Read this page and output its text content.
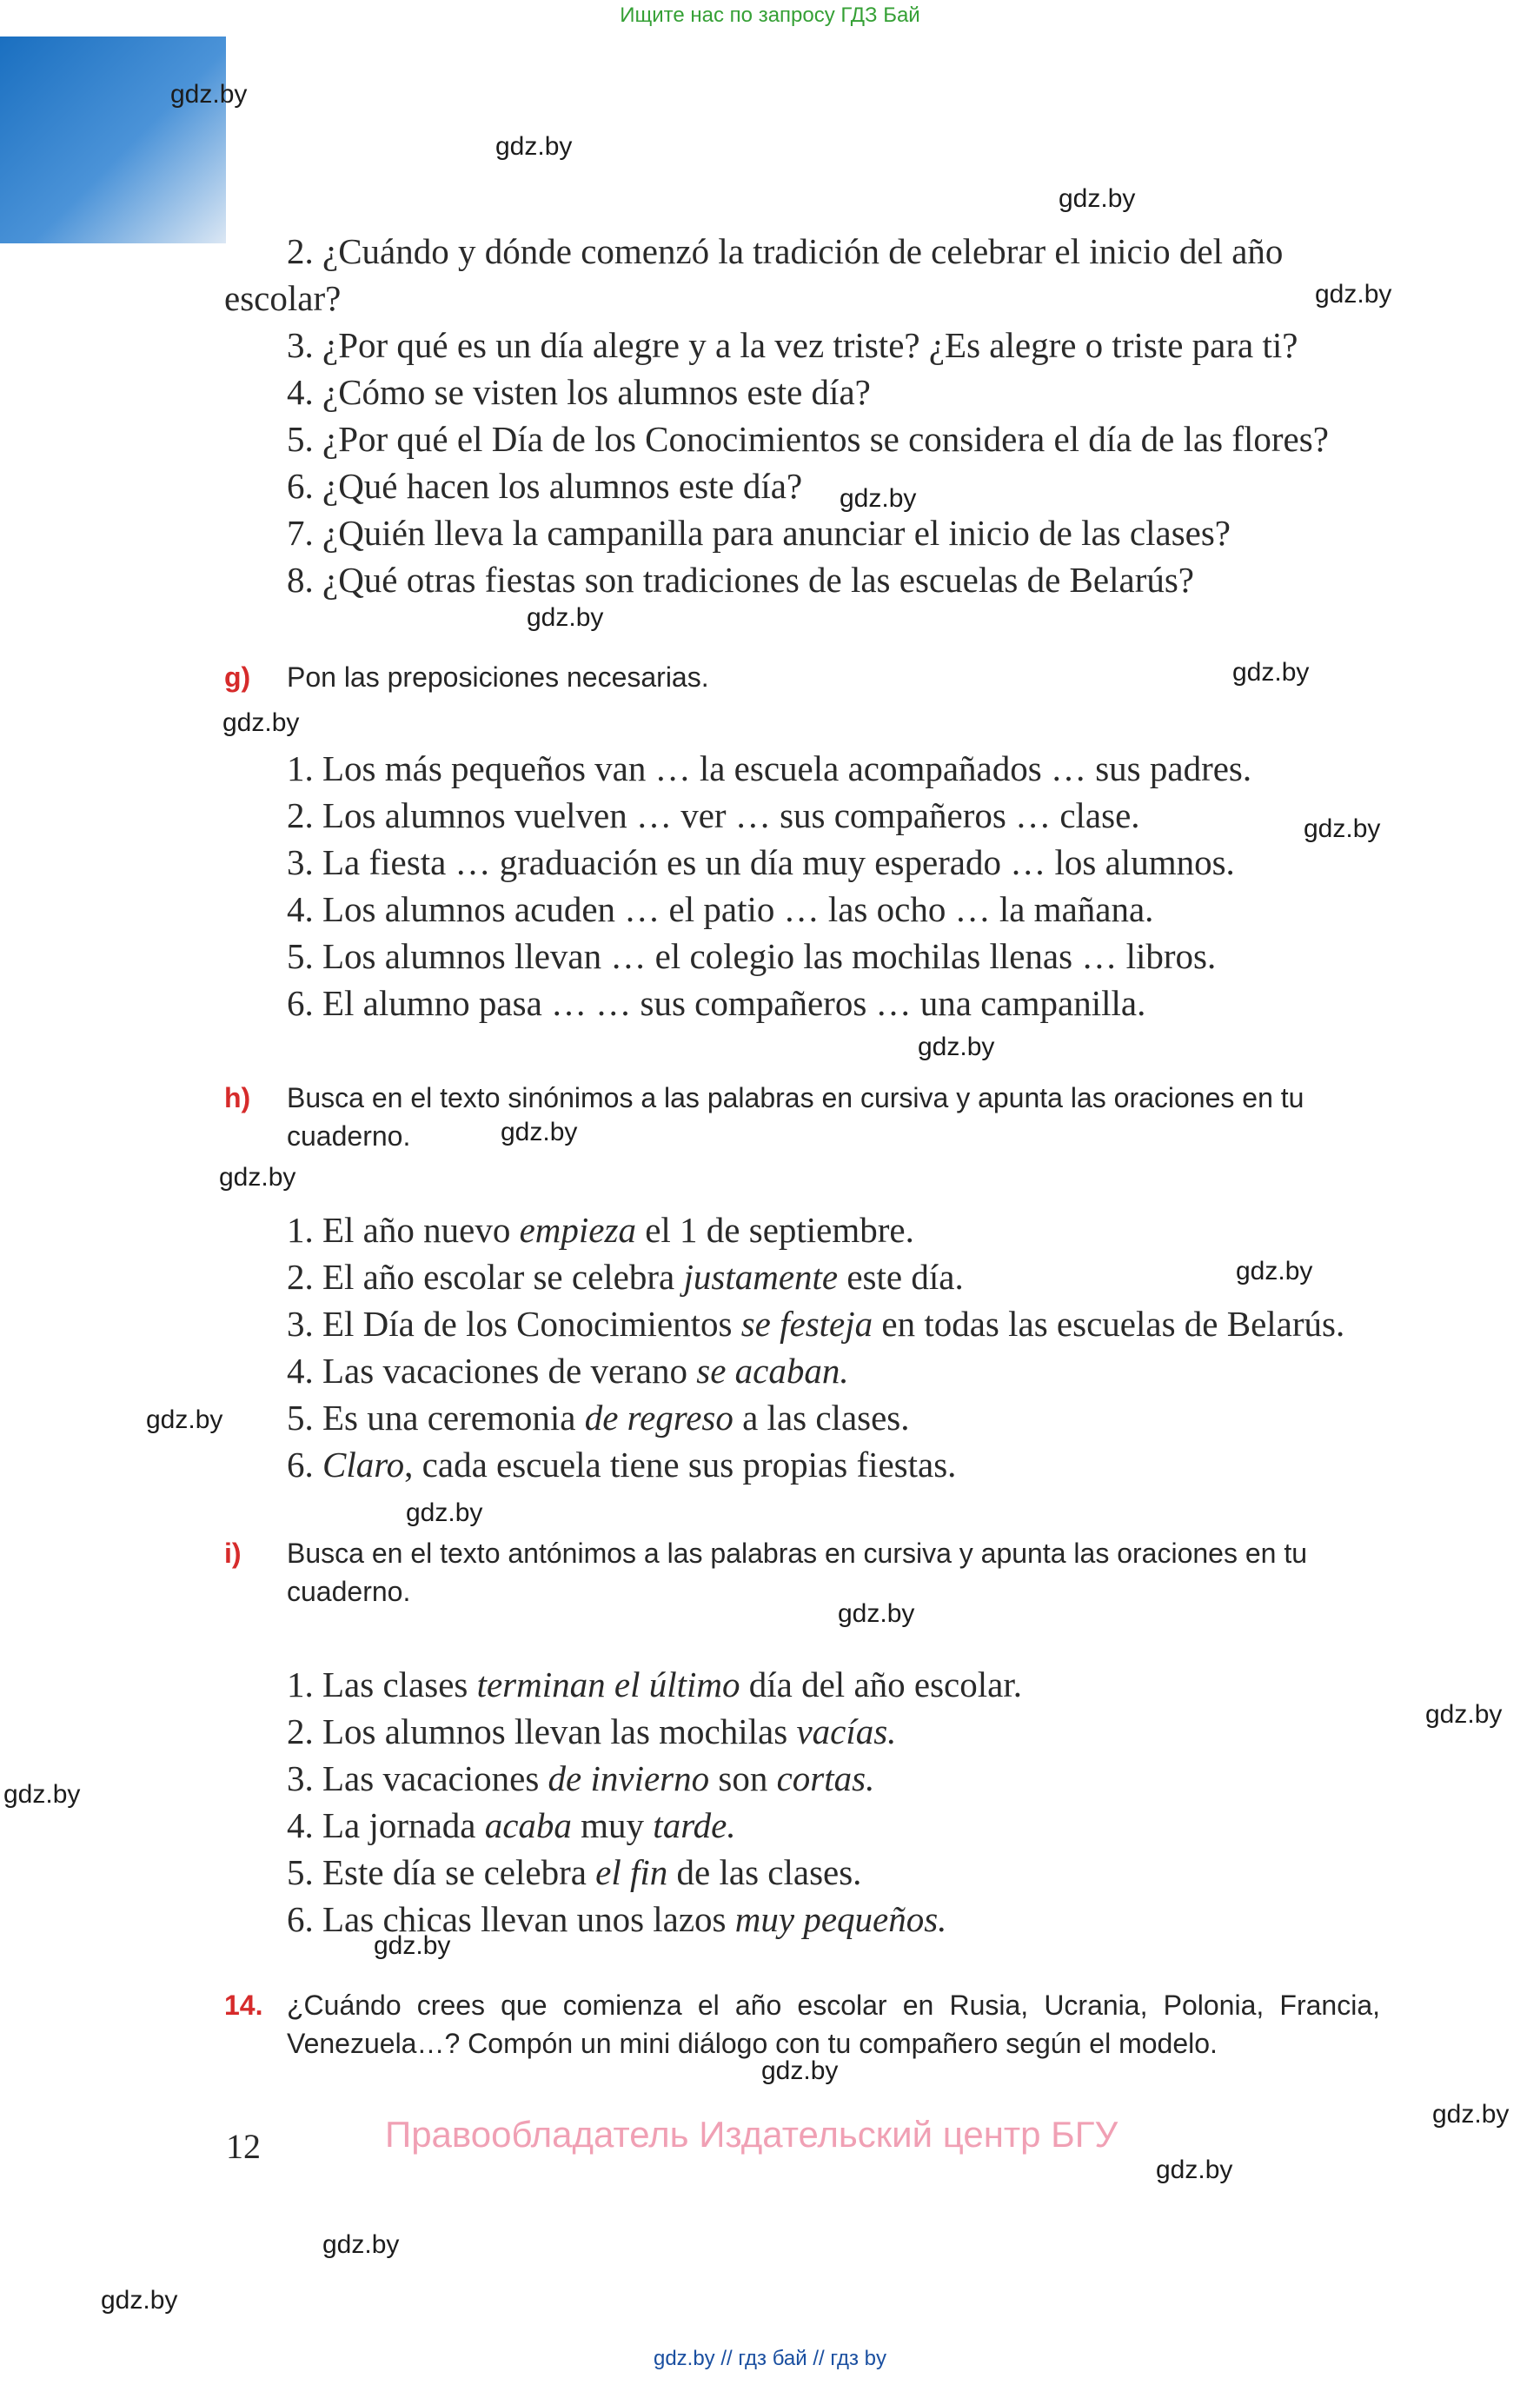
Ищите нас по запросу ГДЗ Бай
gdz.by
gdz.by
gdz.by
gdz.by
gdz.by
gdz.by
gdz.by
gdz.by
gdz.by
gdz.by
gdz.by
gdz.by
gdz.by
gdz.by
gdz.by
gdz.by
gdz.by
gdz.by
gdz.by
gdz.by
gdz.by
gdz.by
gdz.by
gdz.by

2. ¿Cuándo y dónde comenzó la tradición de celebrar el inicio del año escolar?

3. ¿Por qué es un día alegre y a la vez triste? ¿Es alegre o triste para ti?
4. ¿Cómo se visten los alumnos este día?
5. ¿Por qué el Día de los Conocimientos se considera el día de las flores?
6. ¿Qué hacen los alumnos este día?
7. ¿Quién lleva la campanilla para anunciar el inicio de las clases?
8. ¿Qué otras fiestas son tradiciones de las escuelas de Belarús?
g) Pon las preposiciones necesarias.
1. Los más pequeños van … la escuela acompañados … sus padres.
2. Los alumnos vuelven … ver … sus compañeros … clase.
3. La fiesta … graduación es un día muy esperado … los alumnos.
4. Los alumnos acuden … el patio … las ocho … la mañana.
5. Los alumnos llevan … el colegio las mochilas llenas … libros.
6. El alumno pasa … … sus compañeros … una campanilla.
h) Busca en el texto sinónimos a las palabras en cursiva y apunta las oraciones en tu cuaderno.
1. El año nuevo empieza el 1 de septiembre.
2. El año escolar se celebra justamente este día.
3. El Día de los Conocimientos se festeja en todas las escuelas de Belarús.
4. Las vacaciones de verano se acaban.
5. Es una ceremonia de regreso a las clases.
6. Claro, cada escuela tiene sus propias fiestas.
i) Busca en el texto antónimos a las palabras en cursiva y apunta las oraciones en tu cuaderno.
1. Las clases terminan el último día del año escolar.
2. Los alumnos llevan las mochilas vacías.
3. Las vacaciones de invierno son cortas.
4. La jornada acaba muy tarde.
5. Este día se celebra el fin de las clases.
6. Las chicas llevan unos lazos muy pequeños.
14. ¿Cuándo crees que comienza el año escolar en Rusia, Ucrania, Polonia, Francia, Venezuela…? Compón un mini diálogo con tu compañero según el modelo.
12	Правообладатель Издательский центр БГУ
gdz.by // гдз бай // гдз by
